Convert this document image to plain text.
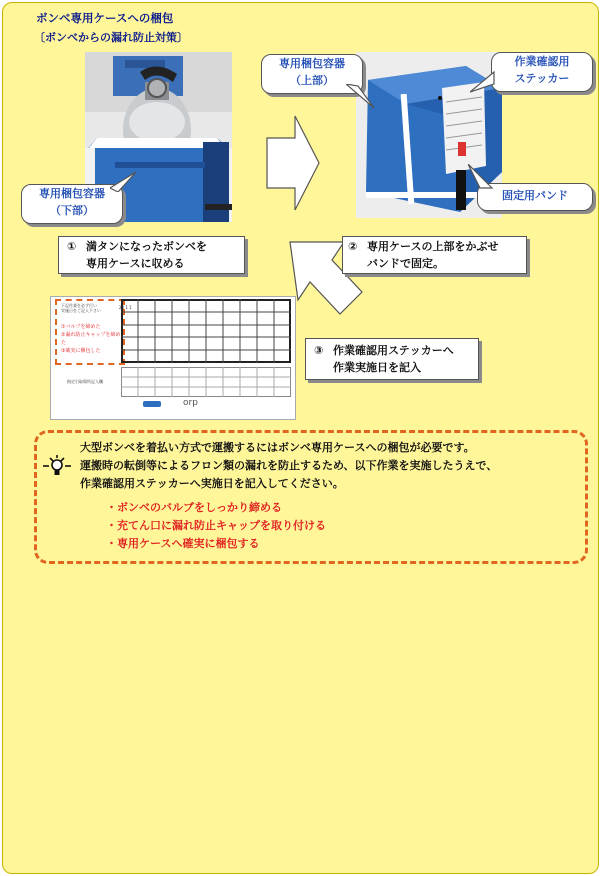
ボンベ専用ケースへの梱包
〔ボンベからの漏れ防止対策〕
専用梱包容器
（下部）
専用梱包容器
（上部）
作業確認用
ステッカー
固定用バンド
① 満タンになったボンベを
専用ケースに収める
② 専用ケースの上部をかぶせ
バンドで固定。
③ 作業確認用ステッカーへ
作業実施日を記入
下記作業を必ず行い
実施日をご記入下さい
20 1 1
①バルブを締めた
②漏れ防止キャップを締めた
③確実に梱包した
指定引取場所記入欄
orp
大型ボンベを着払い方式で運搬するにはボンベ専用ケースへの梱包が必要です。
運搬時の転倒等によるフロン類の漏れを防止するため、以下作業を実施したうえで、
作業確認用ステッカーへ実施日を記入してください。
・ボンベのバルブをしっかり締める
・充てん口に漏れ防止キャップを取り付ける
・専用ケースへ確実に梱包する
